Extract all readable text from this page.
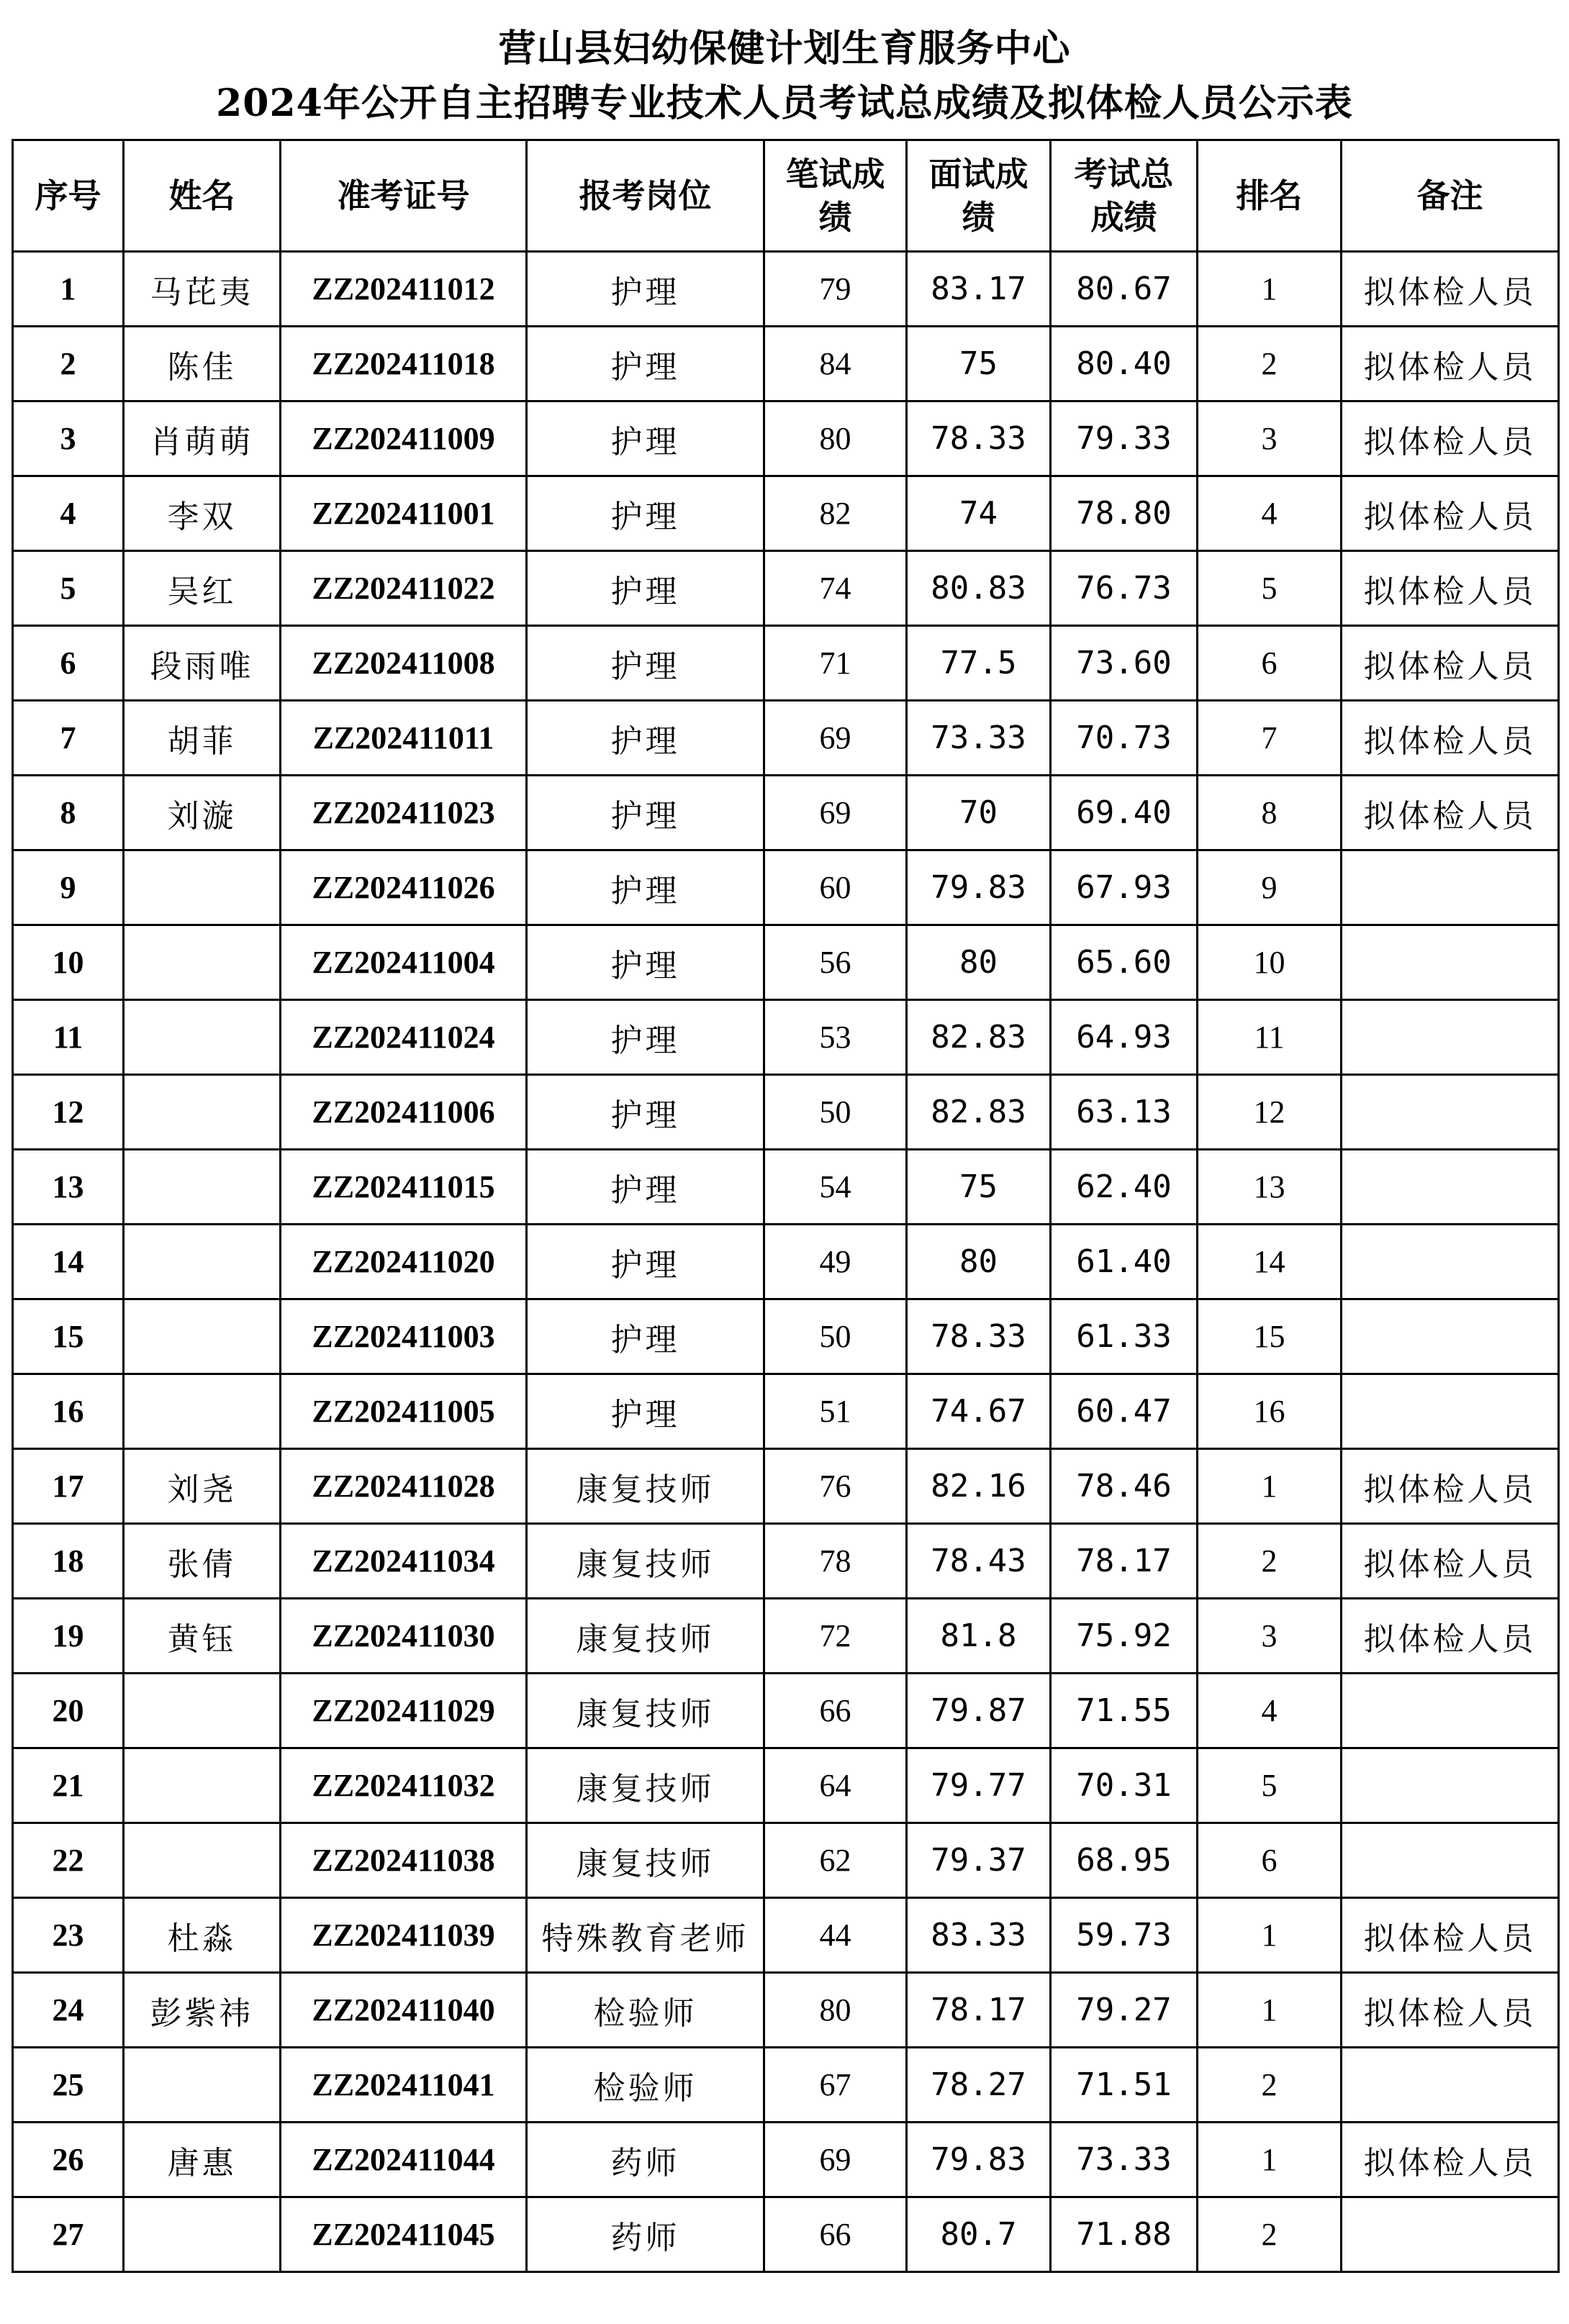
营山县妇幼保健计划生育服务中心
2024年公开自主招聘专业技术人员考试总成绩及拟体检人员公示表
序号	姓名	准考证号	报考岗位	笔试成绩	面试成绩	考试总成绩	排名	备注
1	马芘夷	ZZ202411012	护理	79	83.17	80.67	1	拟体检人员
2	陈佳	ZZ202411018	护理	84	75	80.40	2	拟体检人员
3	肖萌萌	ZZ202411009	护理	80	78.33	79.33	3	拟体检人员
4	李双	ZZ202411001	护理	82	74	78.80	4	拟体检人员
5	吴红	ZZ202411022	护理	74	80.83	76.73	5	拟体检人员
6	段雨唯	ZZ202411008	护理	71	77.5	73.60	6	拟体检人员
7	胡菲	ZZ202411011	护理	69	73.33	70.73	7	拟体检人员
8	刘漩	ZZ202411023	护理	69	70	69.40	8	拟体检人员
9		ZZ202411026	护理	60	79.83	67.93	9	
10		ZZ202411004	护理	56	80	65.60	10	
11		ZZ202411024	护理	53	82.83	64.93	11	
12		ZZ202411006	护理	50	82.83	63.13	12	
13		ZZ202411015	护理	54	75	62.40	13	
14		ZZ202411020	护理	49	80	61.40	14	
15		ZZ202411003	护理	50	78.33	61.33	15	
16		ZZ202411005	护理	51	74.67	60.47	16	
17	刘尧	ZZ202411028	康复技师	76	82.16	78.46	1	拟体检人员
18	张倩	ZZ202411034	康复技师	78	78.43	78.17	2	拟体检人员
19	黄钰	ZZ202411030	康复技师	72	81.8	75.92	3	拟体检人员
20		ZZ202411029	康复技师	66	79.87	71.55	4	
21		ZZ202411032	康复技师	64	79.77	70.31	5	
22		ZZ202411038	康复技师	62	79.37	68.95	6	
23	杜淼	ZZ202411039	特殊教育老师	44	83.33	59.73	1	拟体检人员
24	彭紫祎	ZZ202411040	检验师	80	78.17	79.27	1	拟体检人员
25		ZZ202411041	检验师	67	78.27	71.51	2	
26	唐惠	ZZ202411044	药师	69	79.83	73.33	1	拟体检人员
27		ZZ202411045	药师	66	80.7	71.88	2	
